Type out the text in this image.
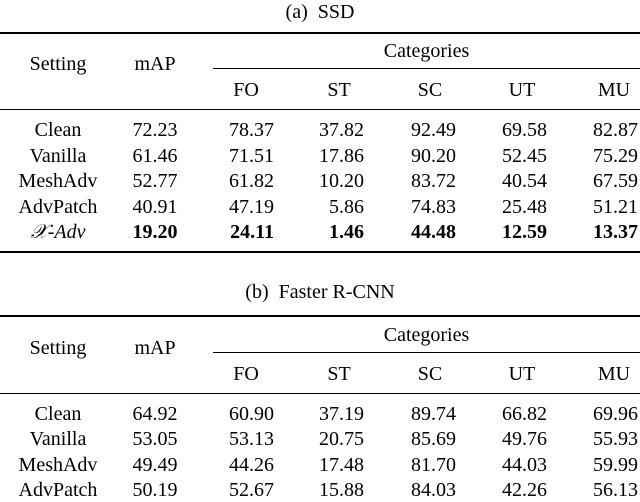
(a)  SSD
Setting	mAP
Categories
FO	ST	SC	UT	MU
Clean	72.23	78.37	37.82	92.49	69.58	82.87
Vanilla	61.46	71.51	17.86	90.20	52.45	75.29
MeshAdv	52.77	61.82	10.20	83.72	40.54	67.59
AdvPatch	40.91	47.19	5.86	74.83	25.48	51.21
𝒳-Adv	19.20	24.11	1.46	44.48	12.59	13.37
(b)  Faster R-CNN
Setting	mAP
Categories
FO	ST	SC	UT	MU
Clean	64.92	60.90	37.19	89.74	66.82	69.96
Vanilla	53.05	53.13	20.75	85.69	49.76	55.93
MeshAdv	49.49	44.26	17.48	81.70	44.03	59.99
AdvPatch	50.19	52.67	15.88	84.03	42.26	56.13
